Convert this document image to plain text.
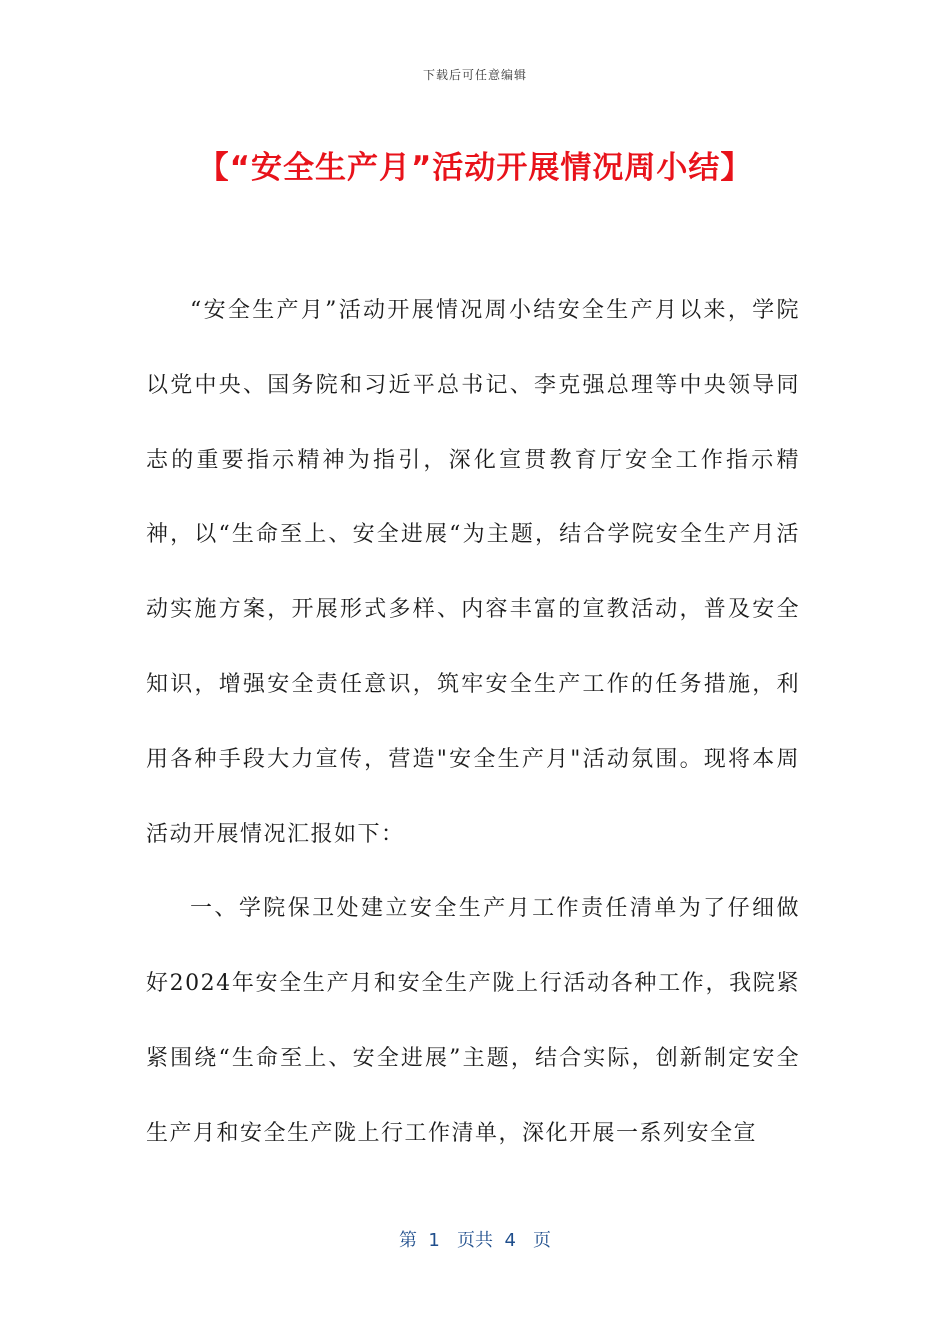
下载后可任意编辑
【“安全生产月”活动开展情况周小结】

“安全生产月”活动开展情况周小结安全生产月以来，学院以党中央、国务院和习近平总书记、李克强总理等中央领导同志的重要指示精神为指引，深化宣贯教育厅安全工作指示精神，以“生命至上、安全进展“为主题，结合学院安全生产月活动实施方案，开展形式多样、内容丰富的宣教活动，普及安全知识，增强安全责任意识，筑牢安全生产工作的任务措施，利用各种手段大力宣传，营造"安全生产月"活动氛围。现将本周活动开展情况汇报如下：

一、学院保卫处建立安全生产月工作责任清单为了仔细做好2024年安全生产月和安全生产陇上行活动各种工作，我院紧紧围绕“生命至上、安全进展”主题，结合实际，创新制定安全生产月和安全生产陇上行工作清单，深化开展一系列安全宣

第  1   页共  4   页
